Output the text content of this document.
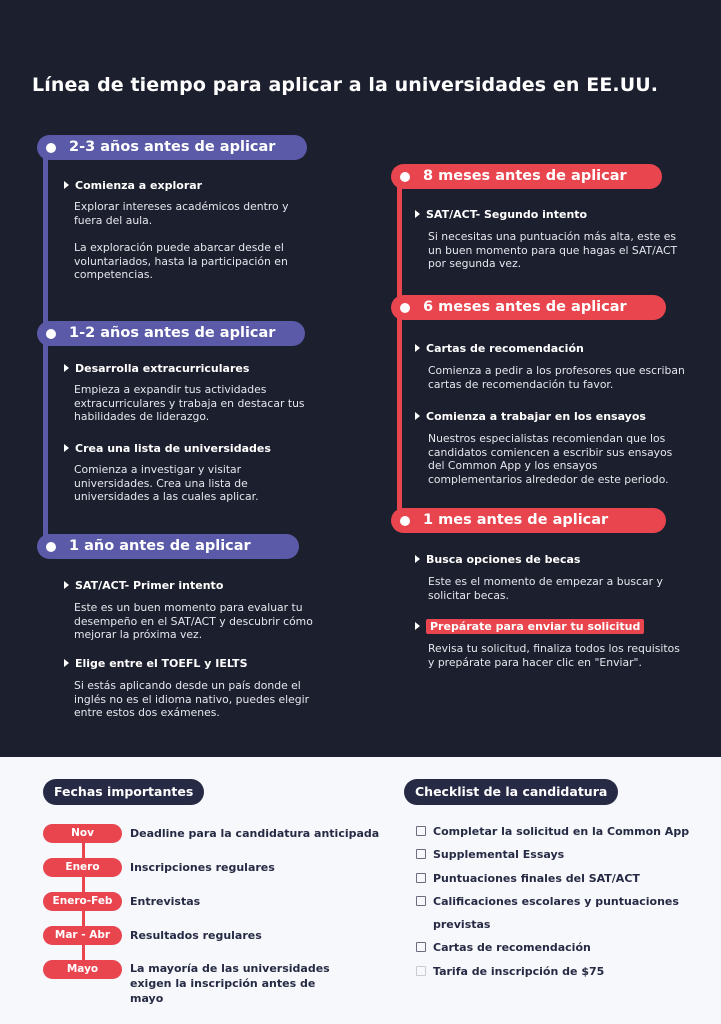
Línea de tiempo para aplicar a la universidades en EE.UU.
2-3 años antes de aplicar
Comienza a explorar
Explorar intereses académicos dentro y fuera del aula.
La exploración puede abarcar desde el voluntariados, hasta la participación en competencias.
1-2 años antes de aplicar
Desarrolla extracurriculares
Empieza a expandir tus actividades extracurriculares y trabaja en destacar tus habilidades de liderazgo.
Crea una lista de universidades
Comienza a investigar y visitar universidades. Crea una lista de universidades a las cuales aplicar.
1 año antes de aplicar
SAT/ACT- Primer intento
Este es un buen momento para evaluar tu desempeño en el SAT/ACT y descubrir cómo mejorar la próxima vez.
Elige entre el TOEFL y IELTS
Si estás aplicando desde un país donde el inglés no es el idioma nativo, puedes elegir entre estos dos exámenes.
8 meses antes de aplicar
SAT/ACT- Segundo intento
Si necesitas una puntuación más alta, este es un buen momento para que hagas el SAT/ACT por segunda vez.
6 meses antes de aplicar
Cartas de recomendación
Comienza a pedir a los profesores que escriban cartas de recomendación tu favor.
Comienza a trabajar en los ensayos
Nuestros especialistas recomiendan que los candidatos comiencen a escribir sus ensayos del Common App y los ensayos complementarios alrededor de este periodo.
1 mes antes de aplicar
Busca opciones de becas
Este es el momento de empezar a buscar y solicitar becas.
Prepárate para enviar tu solicitud
Revisa tu solicitud, finaliza todos los requisitos y prepárate para hacer clic en "Enviar".
Fechas importantes
Nov	Deadline para la candidatura anticipada
Enero	Inscripciones regulares
Enero-Feb	Entrevistas
Mar - Abr	Resultados regulares
Mayo	La mayoría de las universidades exigen la inscripción antes de mayo
Checklist de la candidatura
Completar la solicitud en la Common App
Supplemental Essays
Puntuaciones finales del SAT/ACT
Calificaciones escolares y puntuaciones previstas
Cartas de recomendación
Tarifa de inscripción de $75
